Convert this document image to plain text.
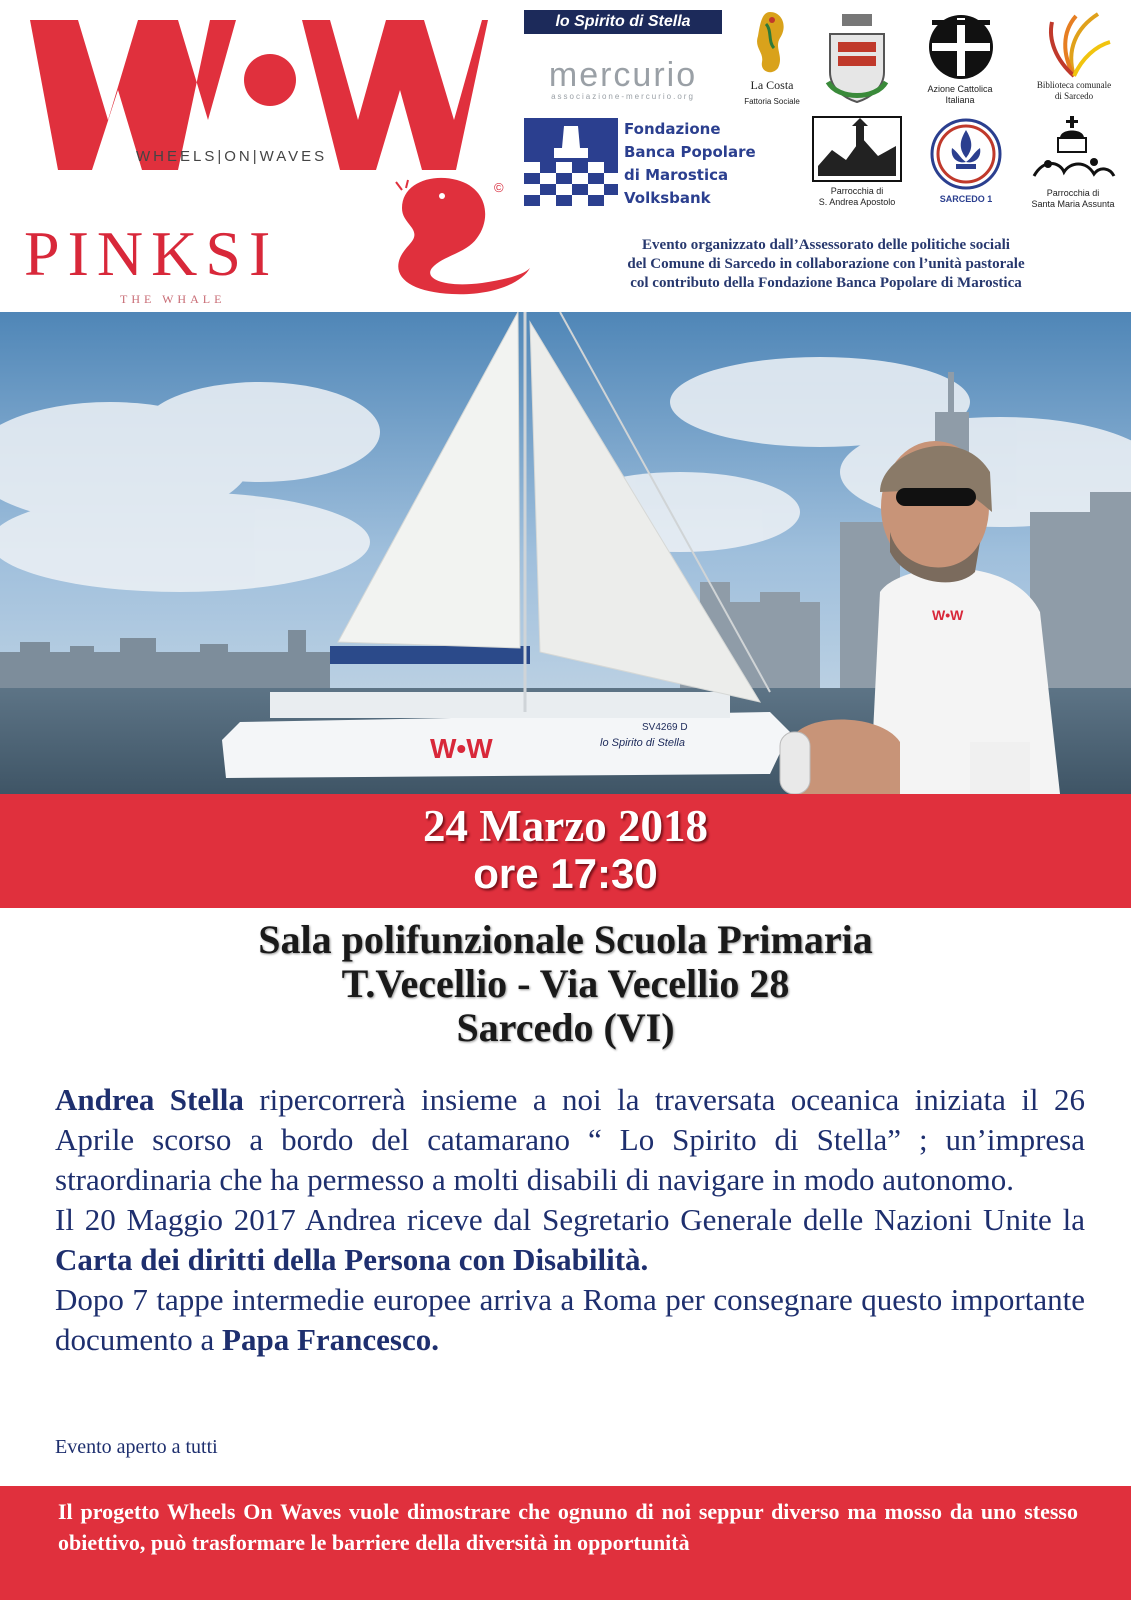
WHEELS|ON|WAVES
PINKSI
THE WHALE
©
lo Spirito di Stella
mercurio
associazione-mercurio.org
La Costa
Fattoria Sociale
Azione Cattolica
Italiana
Biblioteca comunale
di Sarcedo
Fondazione
Banca Popolare
di Marostica
Volksbank	Parrocchia di
S. Andrea Apostolo	SARCEDO 1
Parrocchia di
Santa Maria Assunta
Evento organizzato dall’Assessorato delle politiche sociali
del Comune di Sarcedo in collaborazione con l’unità pastorale
col contributo della Fondazione Banca Popolare di Marostica
W•W	lo Spirito di Stella
SV4269 D
W•W
24 Marzo 2018
ore 17:30
Sala polifunzionale Scuola Primaria
T.Vecellio - Via Vecellio 28
Sarcedo (VI)
Andrea Stella ripercorrerà insieme a noi la traversata oceanica iniziata il 26 Aprile scorso a bordo del catamarano “ Lo Spirito di Stella” ; un’impresa straordinaria che ha permesso a molti disabili di navigare in modo autonomo.
Il 20 Maggio 2017 Andrea riceve dal Segretario Generale delle Nazioni Unite la Carta dei diritti della Persona con Disabilità.
Dopo 7 tappe intermedie europee arriva a Roma per consegnare questo importante documento a Papa Francesco.
Evento aperto a tutti
Il progetto Wheels On Waves vuole dimostrare che ognuno di noi seppur diverso ma mosso da uno stesso obiettivo, può trasformare le barriere della diversità in opportunità
